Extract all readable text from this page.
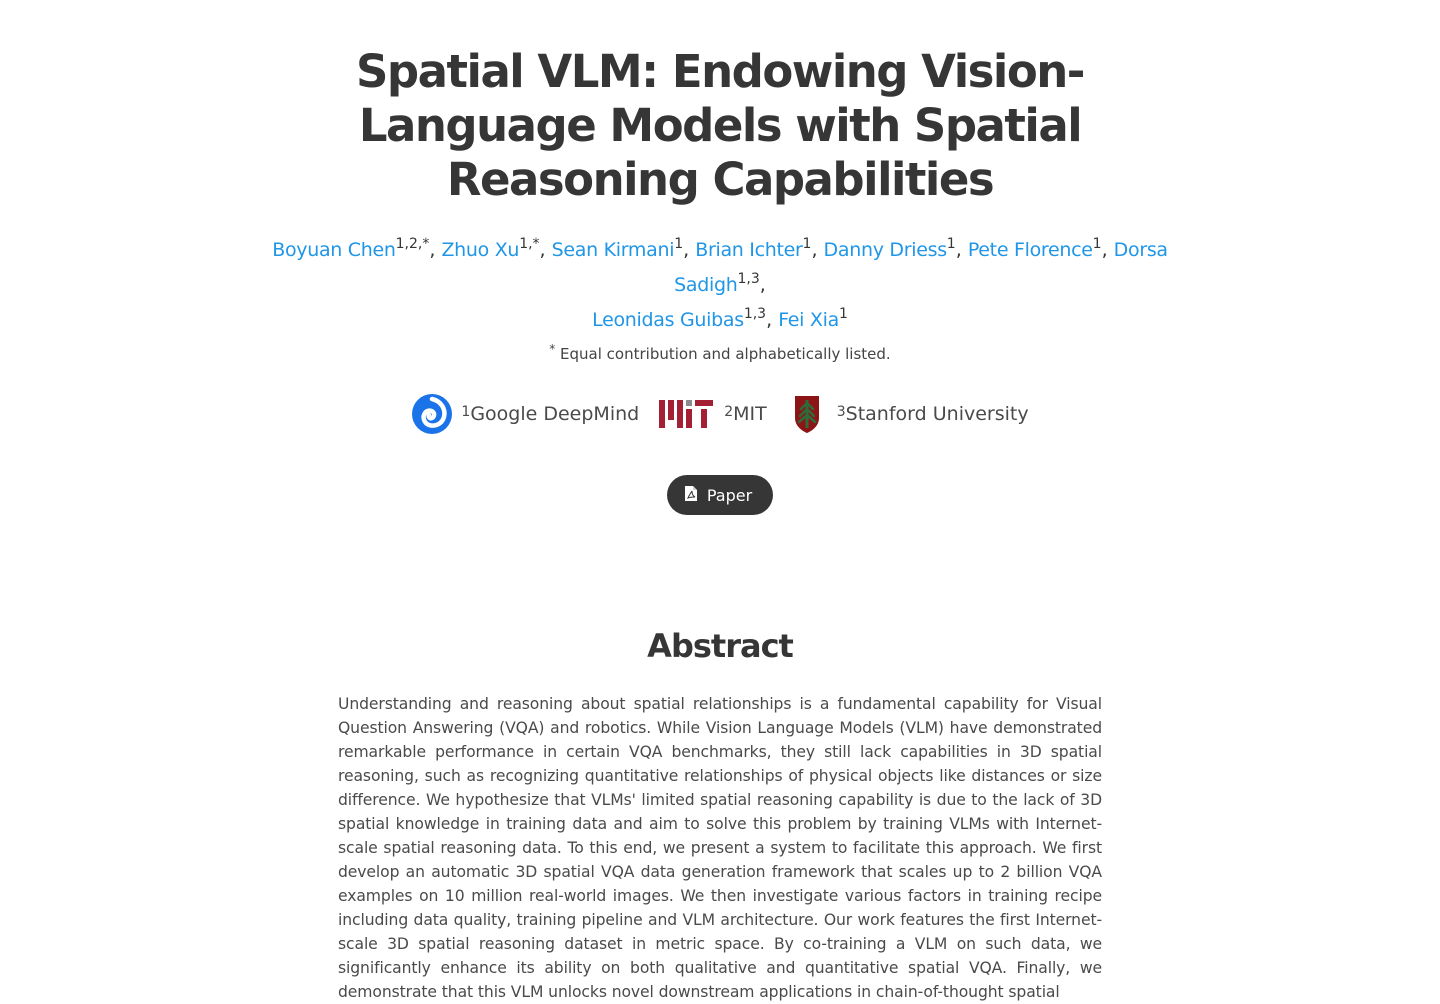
Spatial VLM: Endowing Vision-Language Models with Spatial Reasoning Capabilities
Boyuan Chen$^{1,2,*}$, Zhuo $Xu^{1,*}$, Sean Kirmani$^1$, Brian Ichter$^1$, Danny Driess$^1$, Pete Florence$^1$, Dorsa Sadigh$^{1,3}$,
Leonidas Guibas$^{1,3}$, Fei Xia$^1$
* Equal contribution and alphabetically listed.
$^1$ Google DeepMind	$^2$ MIT	$^3$ Stanford University
Paper
Abstract

Understanding and reasoning about spatial relationships is a fundamental capability for Visual Question Answering (VQA) and robotics. While Vision Language Models (VLM) have demonstrated remarkable performance in certain VQA benchmarks, they still lack capabilities in 3D spatial reasoning, such as recognizing quantitative relationships of physical objects like distances or size difference. We hypothesize that VLMs' limited spatial reasoning capability is due to the lack of 3D spatial knowledge in training data and aim to solve this problem by training VLMs with Internet-scale spatial reasoning data. To this end, we present a system to facilitate this approach. We first develop an automatic 3D spatial VQA data generation framework that scales up to 2 billion VQA examples on 10 million real-world images. We then investigate various factors in training recipe including data quality, training pipeline and VLM architecture. Our work features the first Internet-scale 3D spatial reasoning dataset in metric space. By co-training a VLM on such data, we significantly enhance its ability on both qualitative and quantitative spatial VQA. Finally, we demonstrate that this VLM unlocks novel downstream applications in chain-of-thought spatial
